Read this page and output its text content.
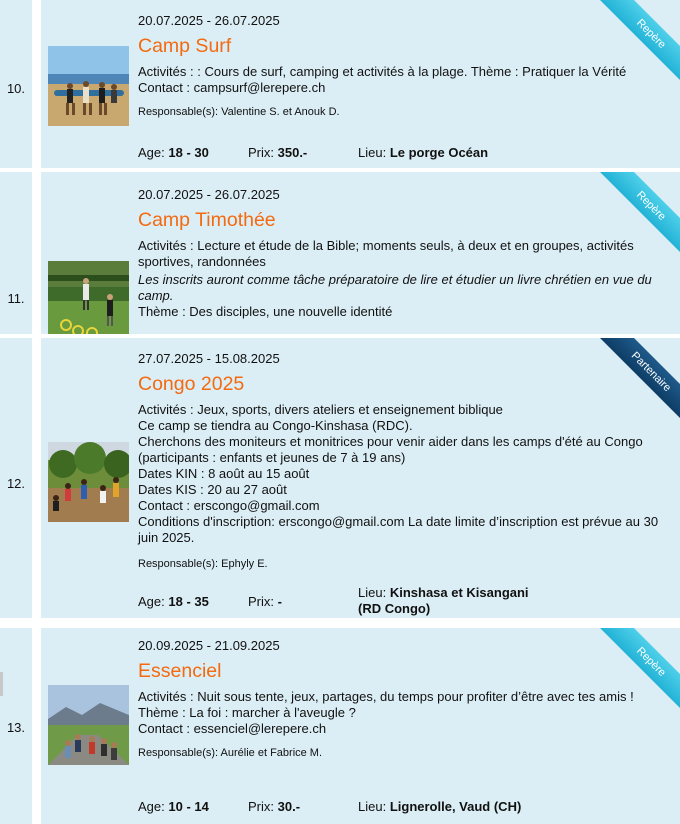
10.
20.07.2025 - 26.07.2025
Camp Surf
Activités : : Cours de surf, camping et activités à la plage. Thème : Pratiquer la Vérité
Contact : campsurf@lerepere.ch
Responsable(s): Valentine S. et Anouk D.
Age: 18 - 30	Prix: 350.-	Lieu: Le porge Océan
Repère
11.
20.07.2025 - 26.07.2025
Camp Timothée
Activités : Lecture et étude de la Bible; moments seuls, à deux et en groupes, activités sportives, randonnées
Les inscrits auront comme tâche préparatoire de lire et étudier un livre chrétien en vue du camp.
Thème : Des disciples, une nouvelle identité
Repère
12.
27.07.2025 - 15.08.2025
Congo 2025
Activités : Jeux, sports, divers ateliers et enseignement biblique
Ce camp se tiendra au Congo-Kinshasa (RDC).
Cherchons des moniteurs et monitrices pour venir aider dans les camps d'été au Congo (participants : enfants et jeunes de 7 à 19 ans)
Dates KIN : 8 août au 15 août
Dates KIS : 20 au 27 août
Contact : erscongo@gmail.com
Conditions d'inscription: erscongo@gmail.com La date limite d’inscription est prévue au 30 juin 2025.
Responsable(s): Ephyly E.
Age: 18 - 35	Prix: -
Lieu: Kinshasa et Kisangani
(RD Congo)
Partenaire
13.
20.09.2025 - 21.09.2025
Essenciel
Activités : Nuit sous tente, jeux, partages, du temps pour profiter d’être avec tes amis !
Thème : La foi : marcher à l'aveugle ?
Contact : essenciel@lerepere.ch
Responsable(s): Aurélie et Fabrice M.
Age: 10 - 14	Prix: 30.-	Lieu: Lignerolle, Vaud (CH)
Repère
